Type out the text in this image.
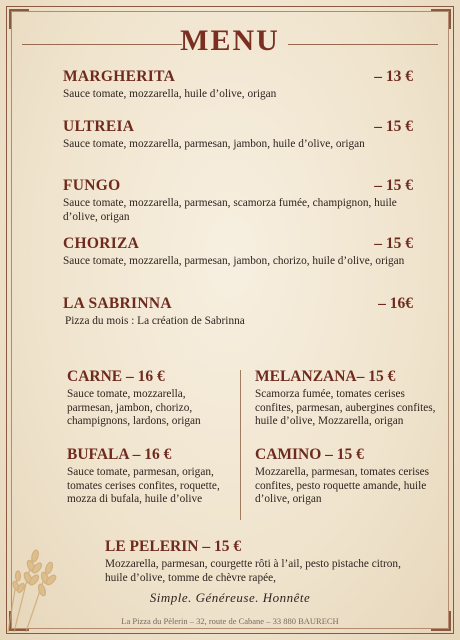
MENU
MARGHERITA	– 13 €
Sauce tomate, mozzarella, huile d’olive, origan
ULTREIA	– 15 €
Sauce tomate, mozzarella, parmesan, jambon, huile d’olive, origan
FUNGO	– 15 €
Sauce tomate, mozzarella, parmesan, scamorza fumée, champignon, huile d’olive, origan
CHORIZA	– 15 €
Sauce tomate, mozzarella, parmesan, jambon, chorizo, huile d’olive, origan
LA SABRINNA	– 16€
Pizza du mois : La création de Sabrinna
CARNE – 16 €
Sauce tomate, mozzarella, parmesan, jambon, chorizo, champignons, lardons, origan
MELANZANA– 15 €
Scamorza fumée, tomates cerises confites, parmesan, aubergines confites, huile d’olive, Mozzarella, origan
BUFALA – 16 €
Sauce tomate, parmesan, origan, tomates cerises confites, roquette, mozza di bufala, huile d’olive
CAMINO – 15 €
Mozzarella, parmesan, tomates cerises confites, pesto roquette amande, huile d’olive, origan
LE PELERIN – 15 €
Mozzarella, parmesan, courgette rôti à l’ail, pesto pistache citron, huile d’olive, tomme de chèvre rapée,
Simple. Généreuse. Honnête
La Pizza du Pèlerin – 32, route de Cabane – 33 880 BAURECH
